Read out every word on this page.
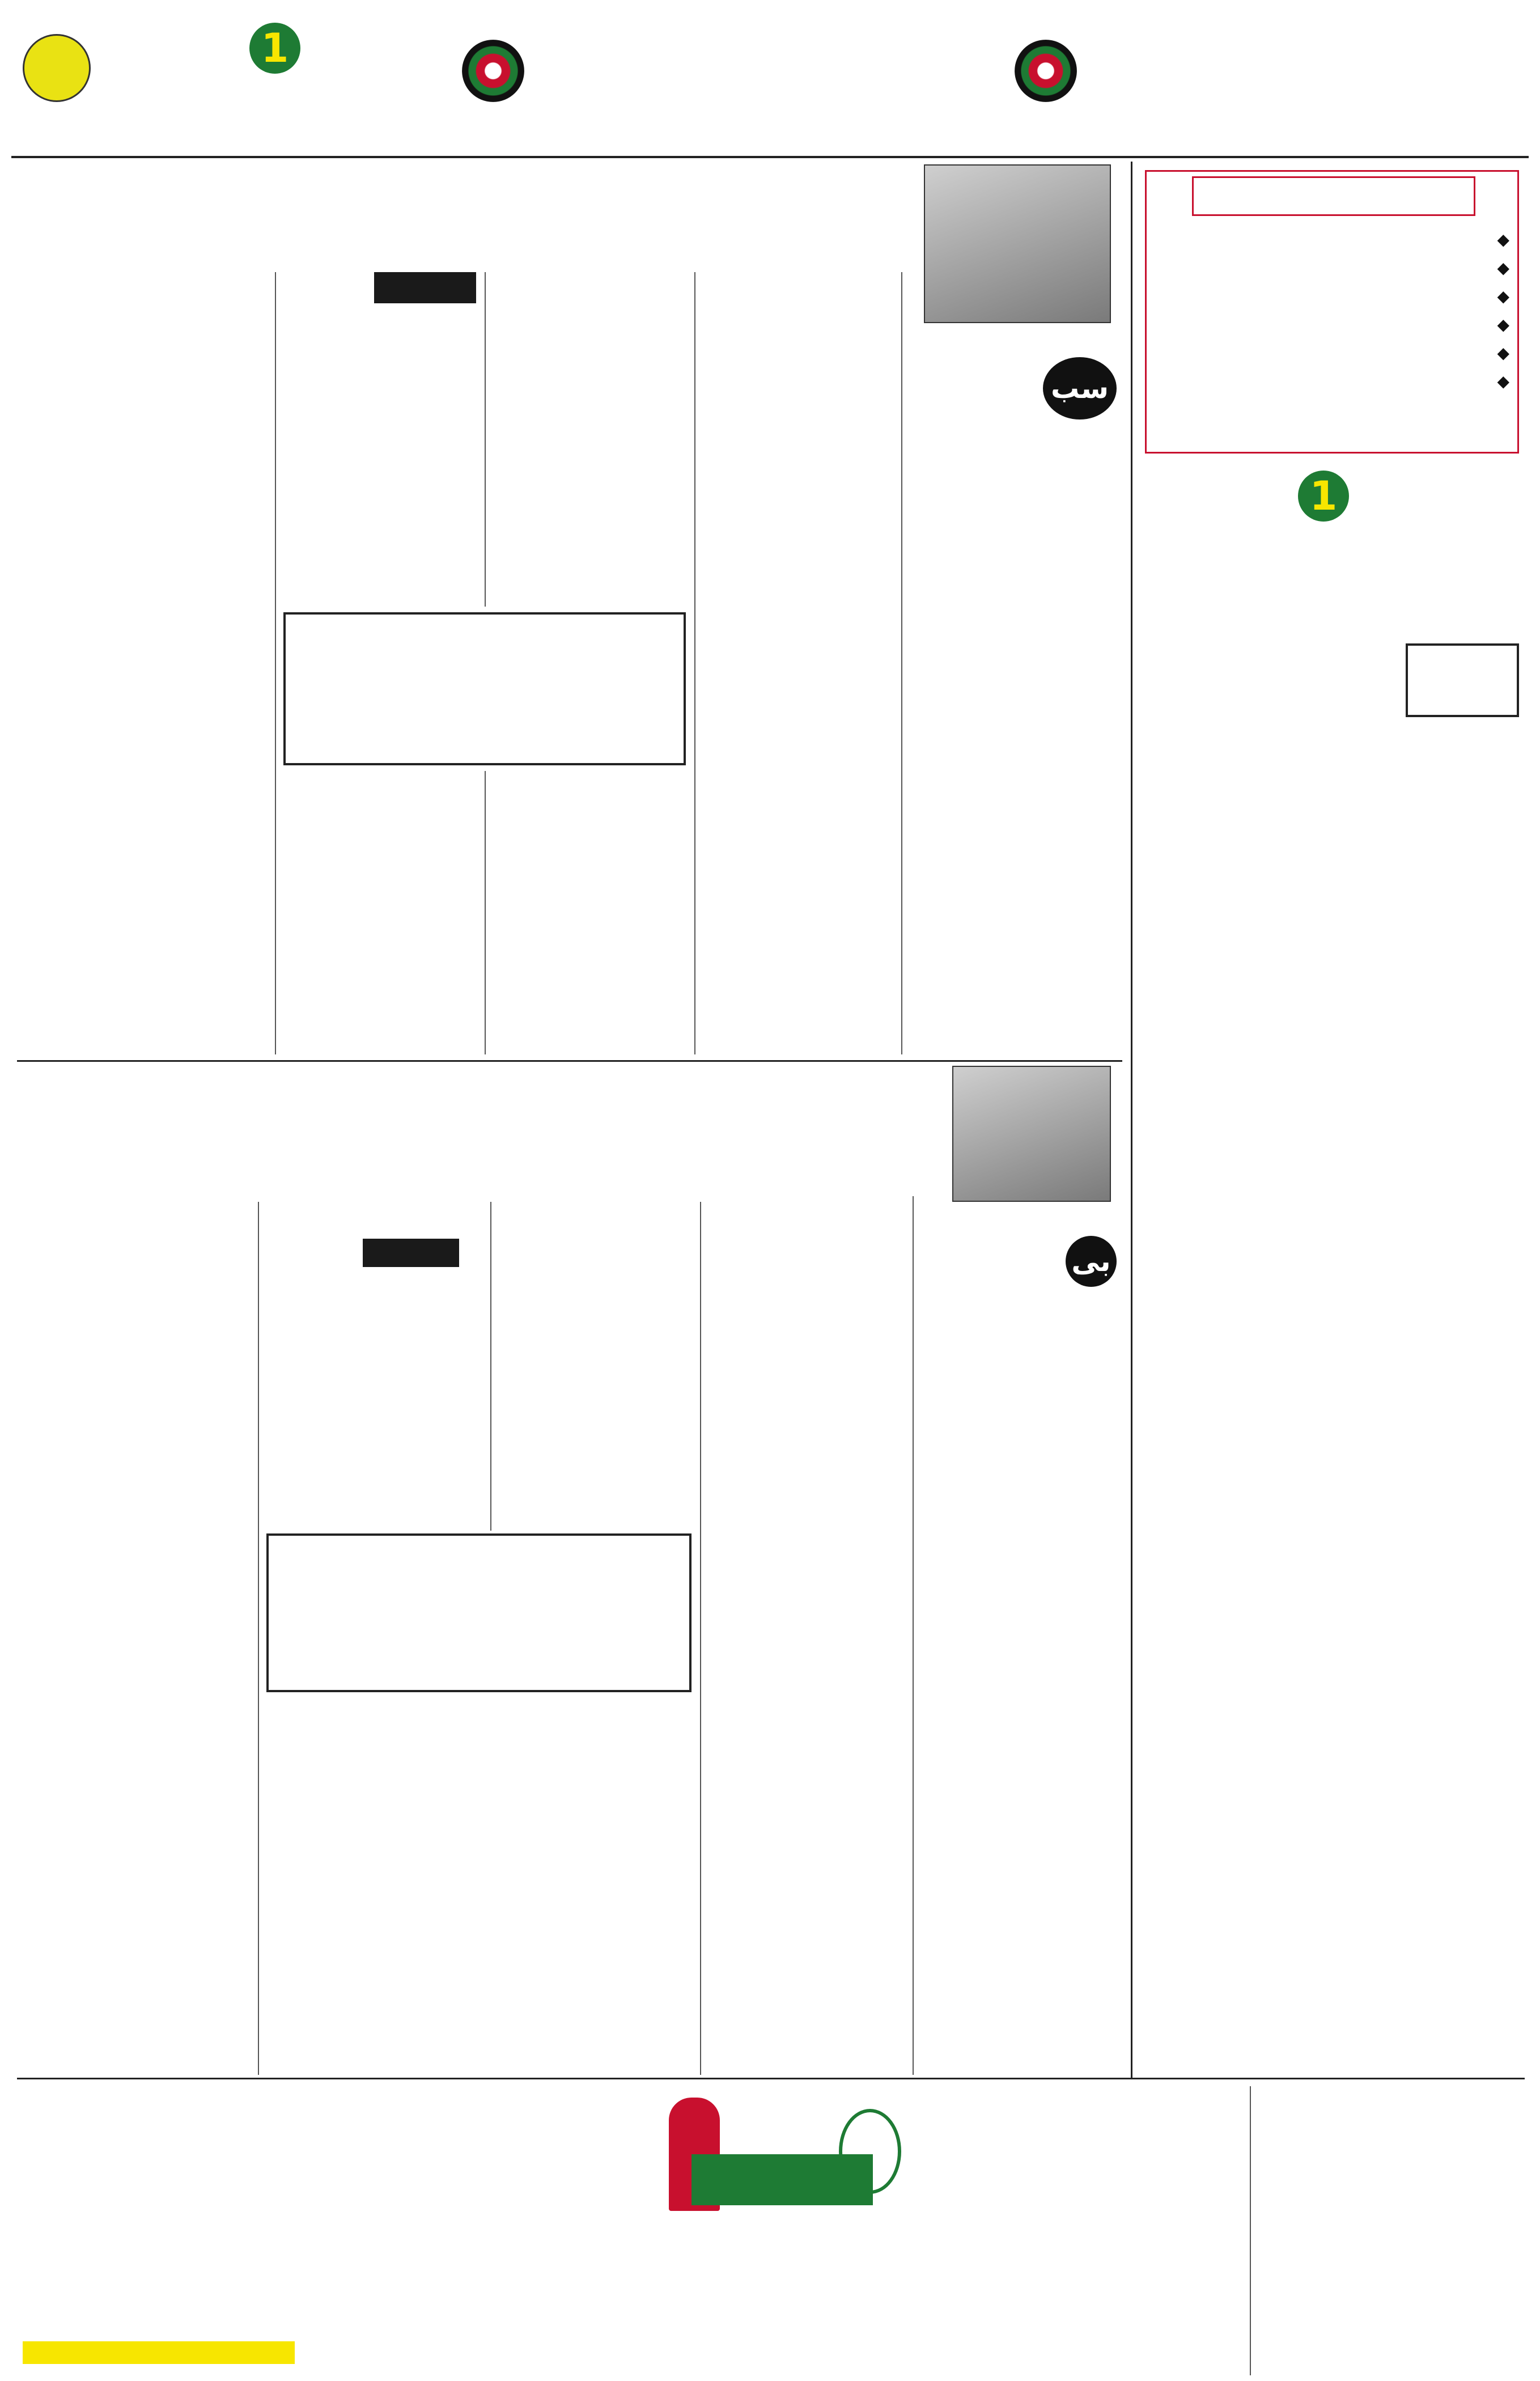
1
سب
بی
◆
◆
◆
◆
◆
◆
1
